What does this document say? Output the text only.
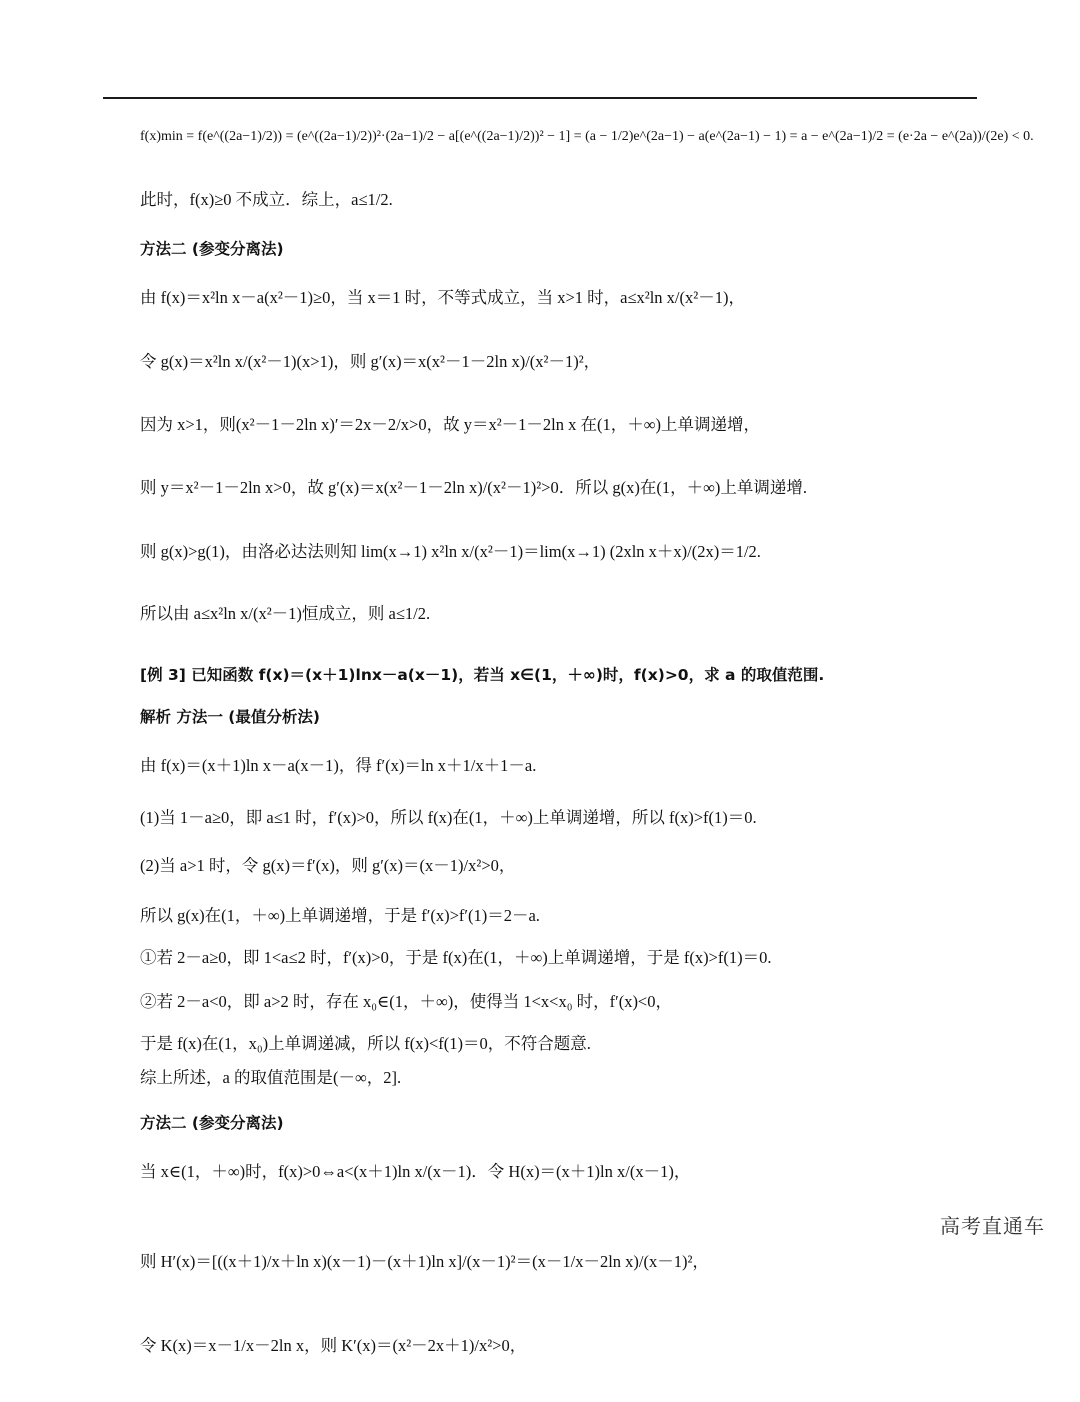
f(x)min = f(e^((2a−1)/2)) = (e^((2a−1)/2))²·(2a−1)/2 − a[(e^((2a−1)/2))² − 1] = (a − 1/2)e^(2a−1) − a(e^(2a−1) − 1) = a − e^(2a−1)/2 = (e·2a − e^(2a))/(2e) < 0.
此时，f(x)≥0 不成立．综上，a≤1/2.
方法二 (参变分离法)
由 f(x)＝x²ln x－a(x²－1)≥0，当 x＝1 时，不等式成立，当 x>1 时，a≤x²ln x/(x²－1)，
令 g(x)＝x²ln x/(x²－1)(x>1)，则 g′(x)＝x(x²－1－2ln x)/(x²－1)²，
因为 x>1，则(x²－1－2ln x)′＝2x－2/x>0，故 y＝x²－1－2ln x 在(1，＋∞)上单调递增，
则 y＝x²－1－2ln x>0，故 g′(x)＝x(x²－1－2ln x)/(x²－1)²>0．所以 g(x)在(1，＋∞)上单调递增.
则 g(x)>g(1)，由洛必达法则知 lim(x→1) x²ln x/(x²－1)＝lim(x→1) (2xln x＋x)/(2x)＝1/2.
所以由 a≤x²ln x/(x²－1)恒成立，则 a≤1/2.
[例 3] 已知函数 f(x)＝(x＋1)lnx－a(x－1)，若当 x∈(1，＋∞)时，f(x)>0，求 a 的取值范围.
解析 方法一 (最值分析法)
由 f(x)＝(x＋1)ln x－a(x－1)，得 f′(x)＝ln x＋1/x＋1－a.
(1)当 1－a≥0，即 a≤1 时，f′(x)>0，所以 f(x)在(1，＋∞)上单调递增，所以 f(x)>f(1)＝0.
(2)当 a>1 时，令 g(x)＝f′(x)，则 g′(x)＝(x－1)/x²>0，
所以 g(x)在(1，＋∞)上单调递增，于是 f′(x)>f′(1)＝2－a.
①若 2－a≥0，即 1<a≤2 时，f′(x)>0，于是 f(x)在(1，＋∞)上单调递增，于是 f(x)>f(1)＝0.
②若 2－a<0，即 a>2 时，存在 x₀∈(1，＋∞)，使得当 1<x<x₀ 时，f′(x)<0，
于是 f(x)在(1，x₀)上单调递减，所以 f(x)<f(1)＝0，不符合题意.
综上所述，a 的取值范围是(－∞，2].
方法二 (参变分离法)
当 x∈(1，＋∞)时，f(x)>0⇔a<(x＋1)ln x/(x－1)．令 H(x)＝(x＋1)ln x/(x－1)，
则 H′(x)＝[((x＋1)/x＋ln x)(x－1)－(x＋1)ln x]/(x－1)²＝(x－1/x－2ln x)/(x－1)²，
令 K(x)＝x－1/x－2ln x，则 K′(x)＝(x²－2x＋1)/x²>0，
高考直通车
